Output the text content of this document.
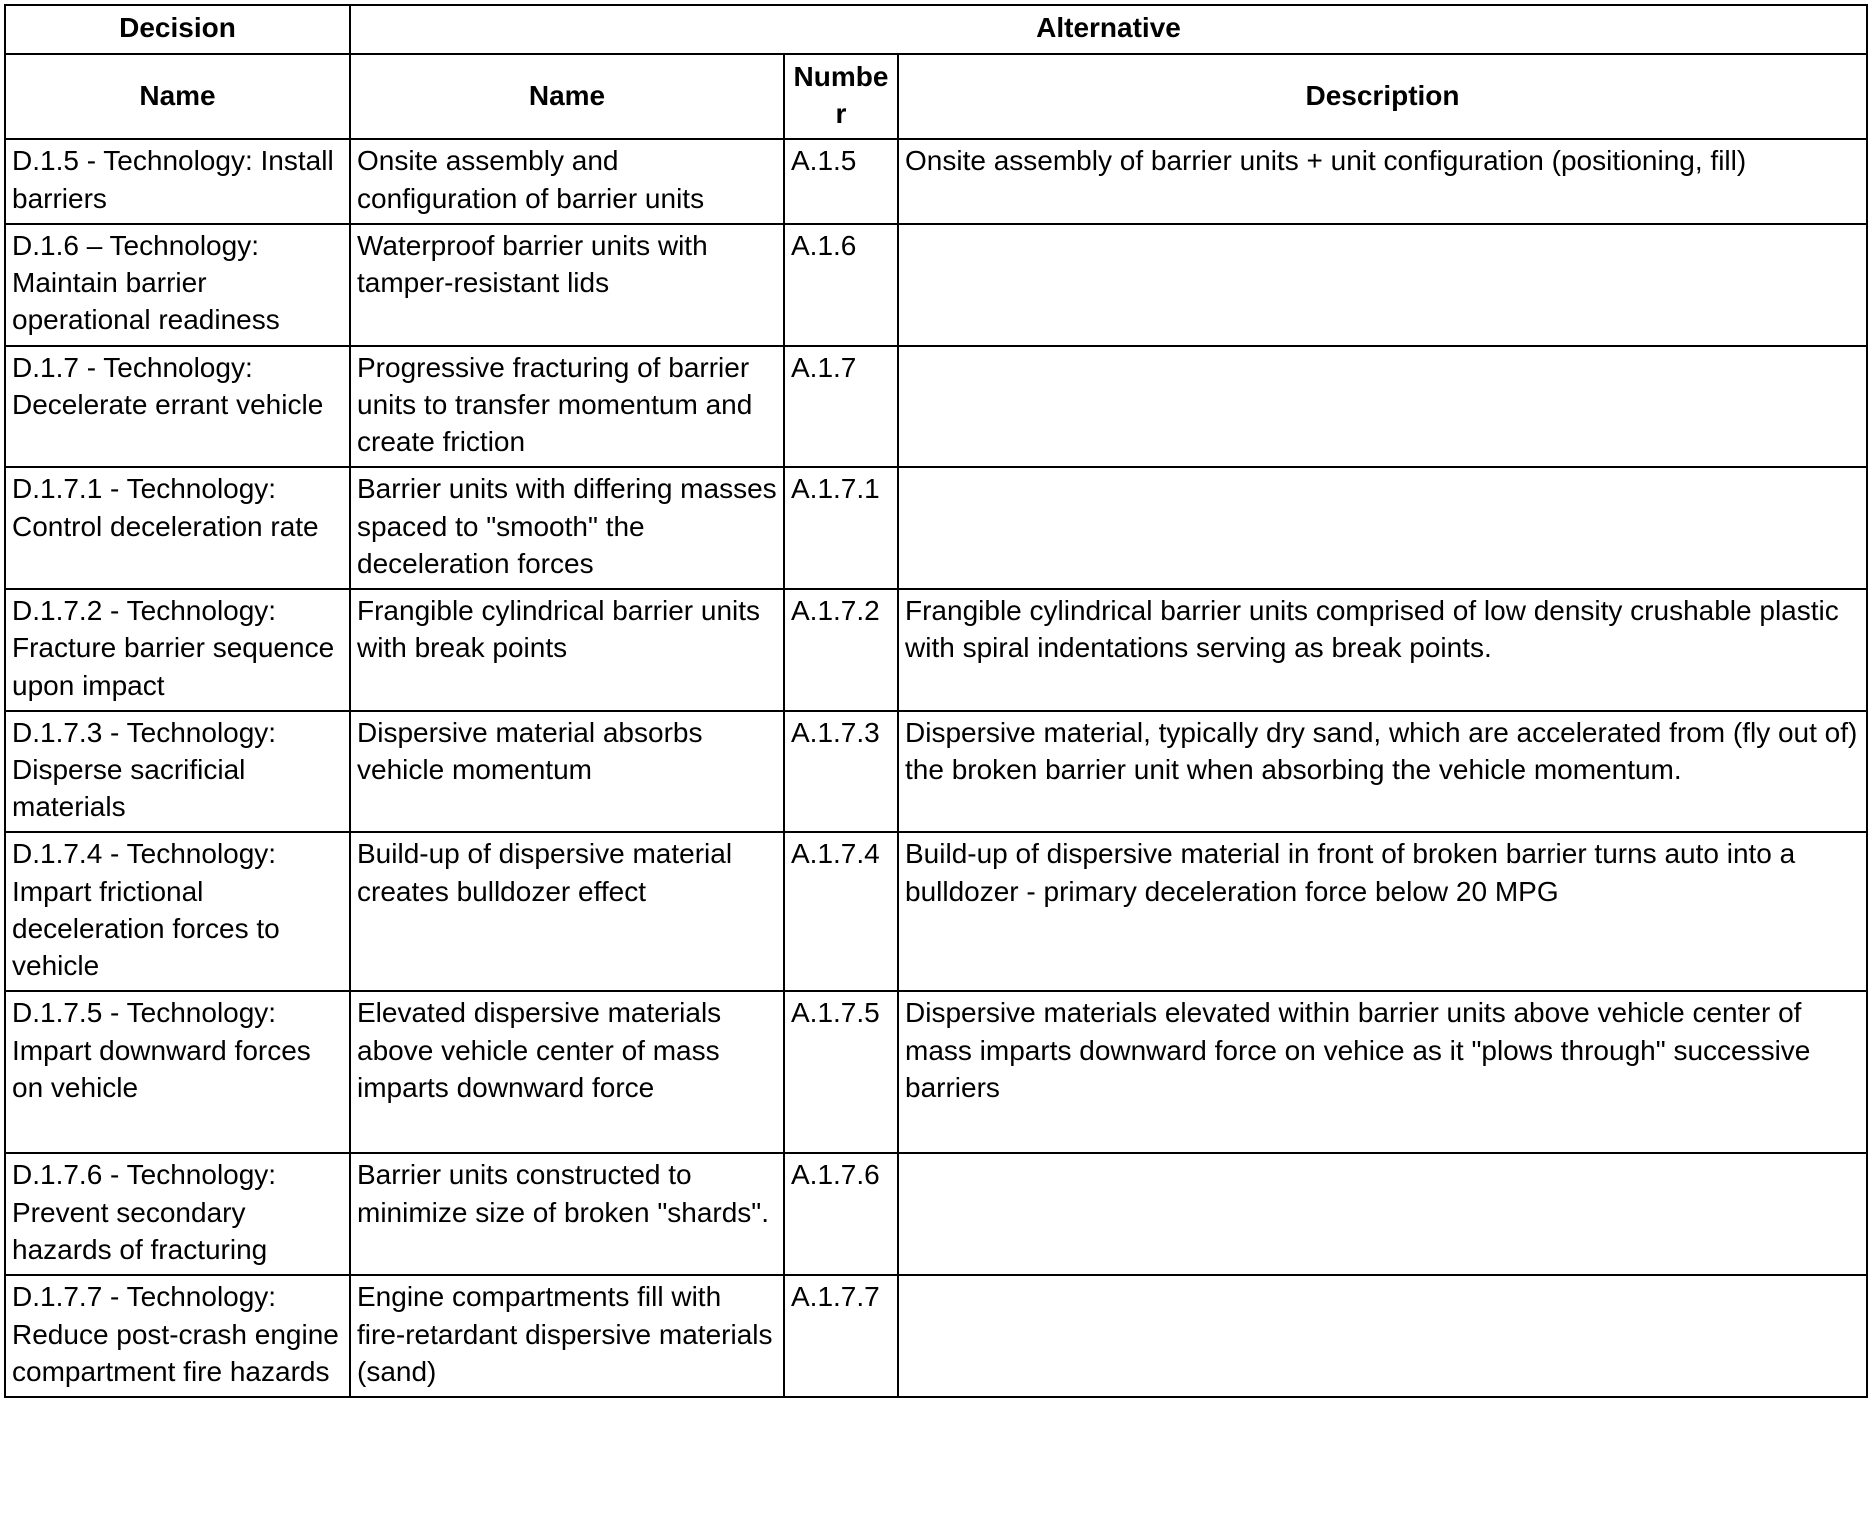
Decision	Alternative		
Name	Name	Number	Description
D.1.5 - Technology: Install barriers	Onsite assembly and configuration of barrier units	A.1.5	Onsite assembly of barrier units + unit configuration (positioning, fill)
D.1.6 – Technology: Maintain barrier operational readiness	Waterproof barrier units with tamper-resistant lids	A.1.6	
D.1.7 - Technology: Decelerate errant vehicle	Progressive fracturing of barrier units to transfer momentum and create friction	A.1.7	
D.1.7.1 - Technology: Control deceleration rate	Barrier units with differing masses spaced to "smooth" the deceleration forces	A.1.7.1	
D.1.7.2 - Technology: Fracture barrier sequence upon impact	Frangible cylindrical barrier units with break points	A.1.7.2	Frangible cylindrical barrier units comprised of low density crushable plastic with spiral indentations serving as break points.
D.1.7.3 - Technology: Disperse sacrificial materials	Dispersive material absorbs vehicle momentum	A.1.7.3	Dispersive material, typically dry sand, which are accelerated from (fly out of) the broken barrier unit when absorbing the vehicle momentum.
D.1.7.4 - Technology: Impart frictional deceleration forces to vehicle	Build-up of dispersive material creates bulldozer effect	A.1.7.4	Build-up of dispersive material in front of broken barrier turns auto into a bulldozer - primary deceleration force below 20 MPG
D.1.7.5 - Technology: Impart downward forces on vehicle	Elevated dispersive materials above vehicle center of mass imparts downward force	A.1.7.5	Dispersive materials elevated within barrier units above vehicle center of mass imparts downward force on vehice as it "plows through" successive barriers
D.1.7.6 - Technology: Prevent secondary hazards of fracturing	Barrier units constructed to minimize size of broken "shards".	A.1.7.6	
D.1.7.7 - Technology: Reduce post-crash engine compartment fire hazards	Engine compartments fill with fire-retardant dispersive materials (sand)	A.1.7.7	
